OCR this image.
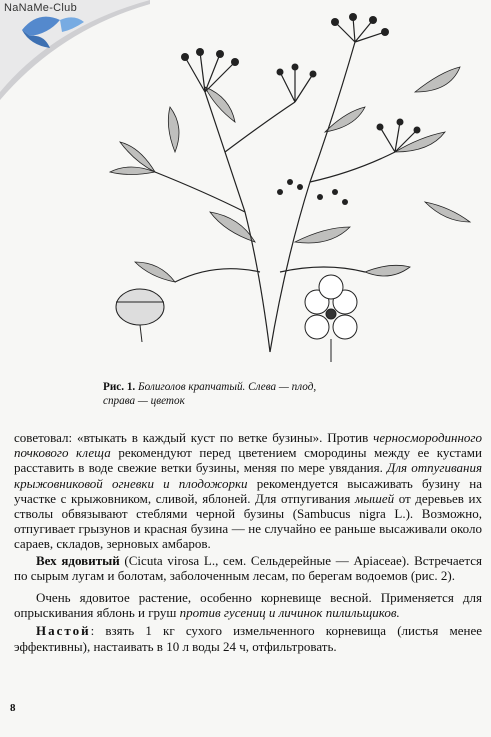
NaNaMe-Club
Рис. 1. Болиголов крапчатый. Слева — плод,
справа — цветок

советовал: «втыкать в каждый куст по ветке бузины». Против черносмородинного почкового клеща рекомендуют перед цветением смородины между ее кустами расставить в воде свежие ветки бузины, меняя по мере увядания. Для отпугивания крыжовниковой огневки и плодожорки рекомендуется высаживать бузину на участке с крыжовником, сливой, яблоней. Для отпугивания мышей от деревьев их стволы обвязывают стеблями черной бузины (Sambucus nigra L.). Возможно, отпугивает грызунов и красная бузина — не случайно ее раньше высаживали около сараев, складов, зерновых амбаров.

Вех ядовитый (Cicuta virosa L., сем. Сельдерейные — Apiaceae). Встречается по сырым лугам и болотам, заболоченным лесам, по берегам водоемов (рис. 2).

Очень ядовитое растение, особенно корневище весной. Применяется для опрыскивания яблонь и груш против гусениц и личинок пилильщиков.

Настой: взять 1 кг сухого измельченного корневища (листья менее эффективны), настаивать в 10 л воды 24 ч, отфильтровать.

8
